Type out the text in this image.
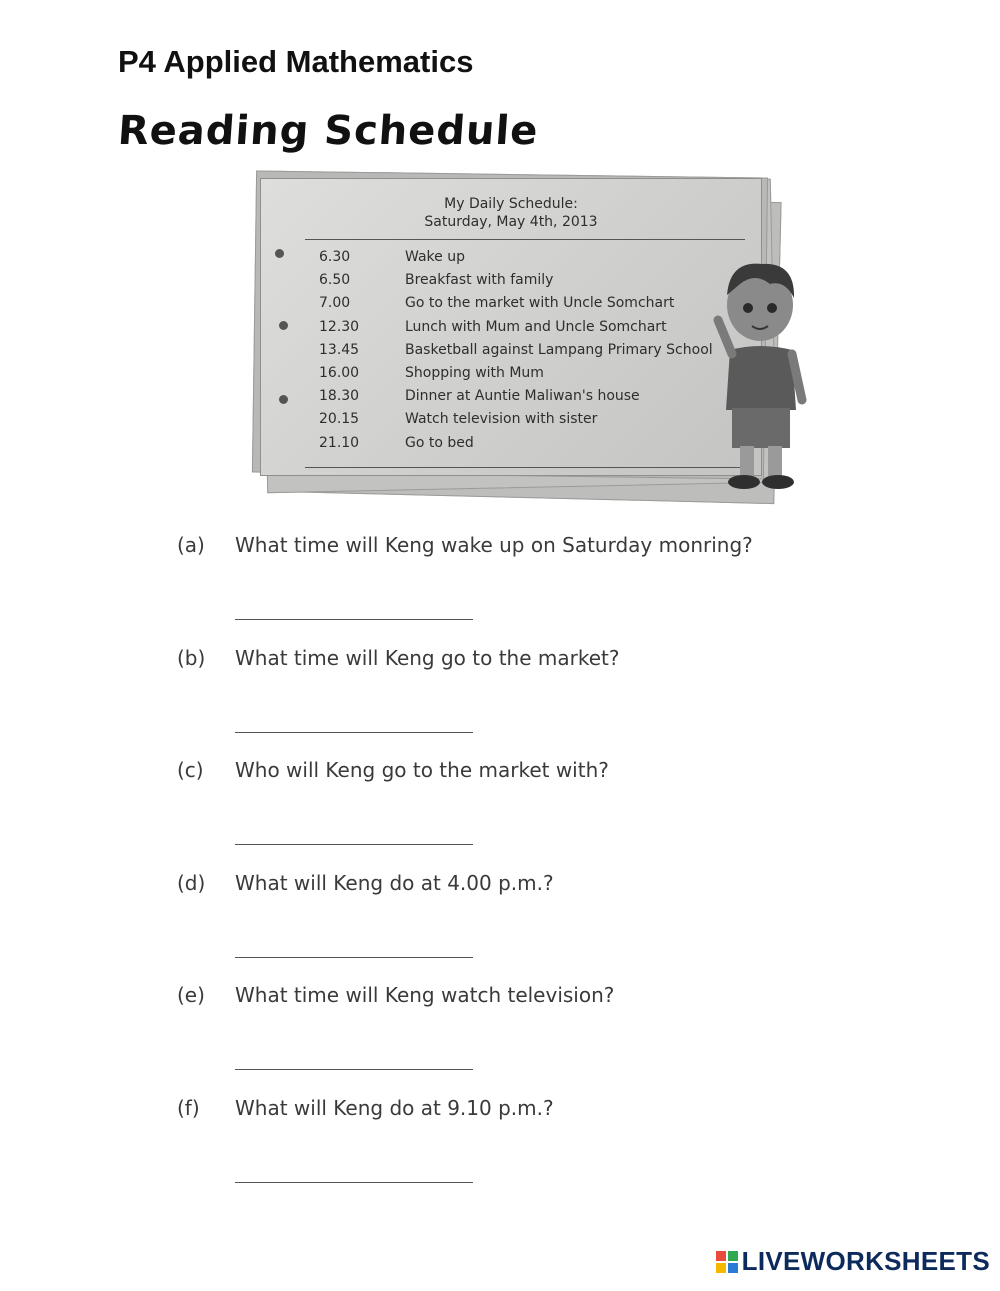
P4 Applied Mathematics
Reading Schedule
My Daily Schedule:
Saturday, May 4th, 2013
6.30	Wake up
6.50	Breakfast with family
7.00	Go to the market with Uncle Somchart
12.30	Lunch with Mum and Uncle Somchart
13.45	Basketball against Lampang Primary School
16.00	Shopping with Mum
18.30	Dinner at Auntie Maliwan's house
20.15	Watch television with sister
21.10	Go to bed
(a) What time will Keng wake up on Saturday monring?
(b) What time will Keng go to the market?
(c) Who will Keng go to the market with?
(d) What will Keng do at 4.00 p.m.?
(e) What time will Keng watch television?
(f) What will Keng do at 9.10 p.m.?
LIVEWORKSHEETS
